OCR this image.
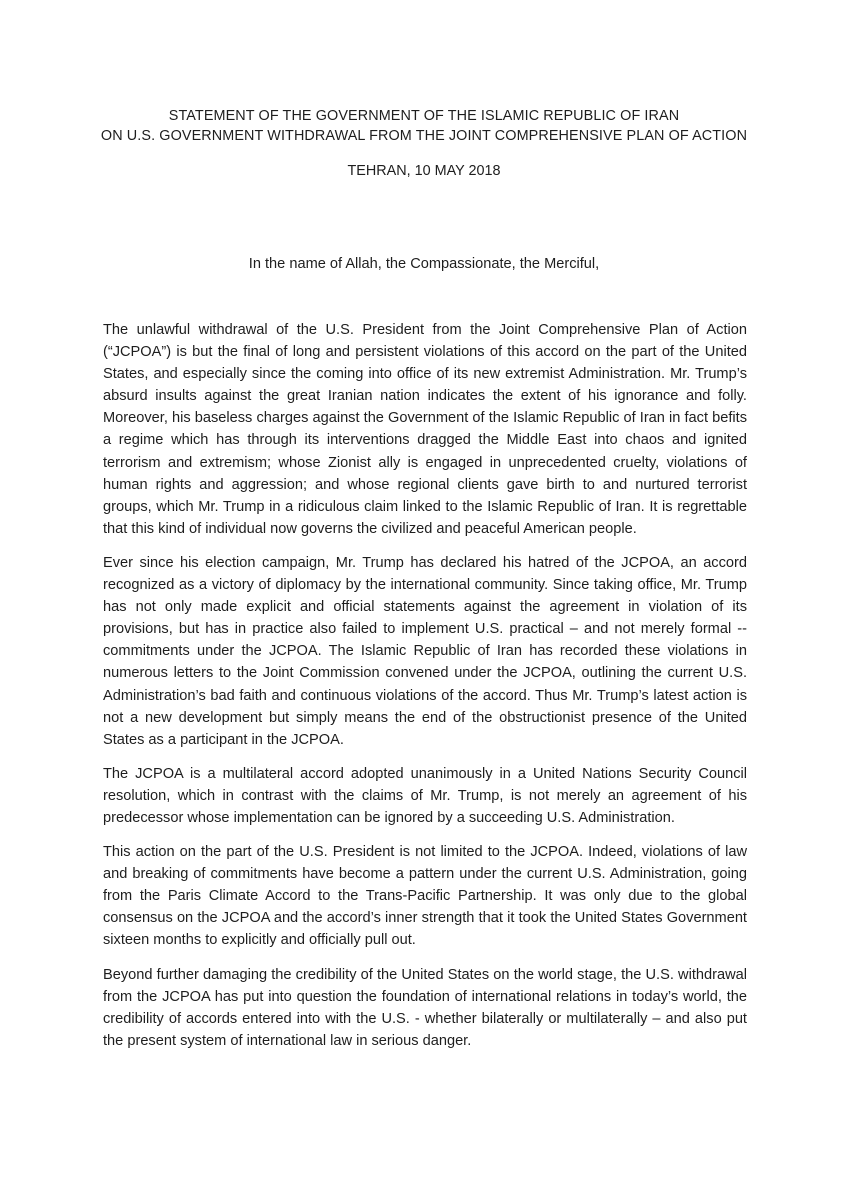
STATEMENT OF THE GOVERNMENT OF THE ISLAMIC REPUBLIC OF IRAN
ON U.S. GOVERNMENT WITHDRAWAL FROM THE JOINT COMPREHENSIVE PLAN OF ACTION
TEHRAN, 10 MAY 2018
In the name of Allah, the Compassionate, the Merciful,

The unlawful withdrawal of the U.S. President from the Joint Comprehensive Plan of Action (“JCPOA”) is but the final of long and persistent violations of this accord on the part of the United States, and especially since the coming into office of its new extremist Administration. Mr. Trump’s absurd insults against the great Iranian nation indicates the extent of his ignorance and folly. Moreover, his baseless charges against the Government of the Islamic Republic of Iran in fact befits a regime which has through its interventions dragged the Middle East into chaos and ignited terrorism and extremism; whose Zionist ally is engaged in unprecedented cruelty, violations of human rights and aggression; and whose regional clients gave birth to and nurtured terrorist groups, which Mr. Trump in a ridiculous claim linked to the Islamic Republic of Iran. It is regrettable that this kind of individual now governs the civilized and peaceful American people.

Ever since his election campaign, Mr. Trump has declared his hatred of the JCPOA, an accord recognized as a victory of diplomacy by the international community. Since taking office, Mr. Trump has not only made explicit and official statements against the agreement in violation of its provisions, but has in practice also failed to implement U.S. practical – and not merely formal -- commitments under the JCPOA. The Islamic Republic of Iran has recorded these violations in numerous letters to the Joint Commission convened under the JCPOA, outlining the current U.S. Administration’s bad faith and continuous violations of the accord. Thus Mr. Trump’s latest action is not a new development but simply means the end of the obstructionist presence of the United States as a participant in the JCPOA.

The JCPOA is a multilateral accord adopted unanimously in a United Nations Security Council resolution, which in contrast with the claims of Mr. Trump, is not merely an agreement of his predecessor whose implementation can be ignored by a succeeding U.S. Administration.

This action on the part of the U.S. President is not limited to the JCPOA. Indeed, violations of law and breaking of commitments have become a pattern under the current U.S. Administration, going from the Paris Climate Accord to the Trans-Pacific Partnership. It was only due to the global consensus on the JCPOA and the accord’s inner strength that it took the United States Government sixteen months to explicitly and officially pull out.

Beyond further damaging the credibility of the United States on the world stage, the U.S. withdrawal from the JCPOA has put into question the foundation of international relations in today’s world, the credibility of accords entered into with the U.S. - whether bilaterally or multilaterally – and also put the present system of international law in serious danger.
